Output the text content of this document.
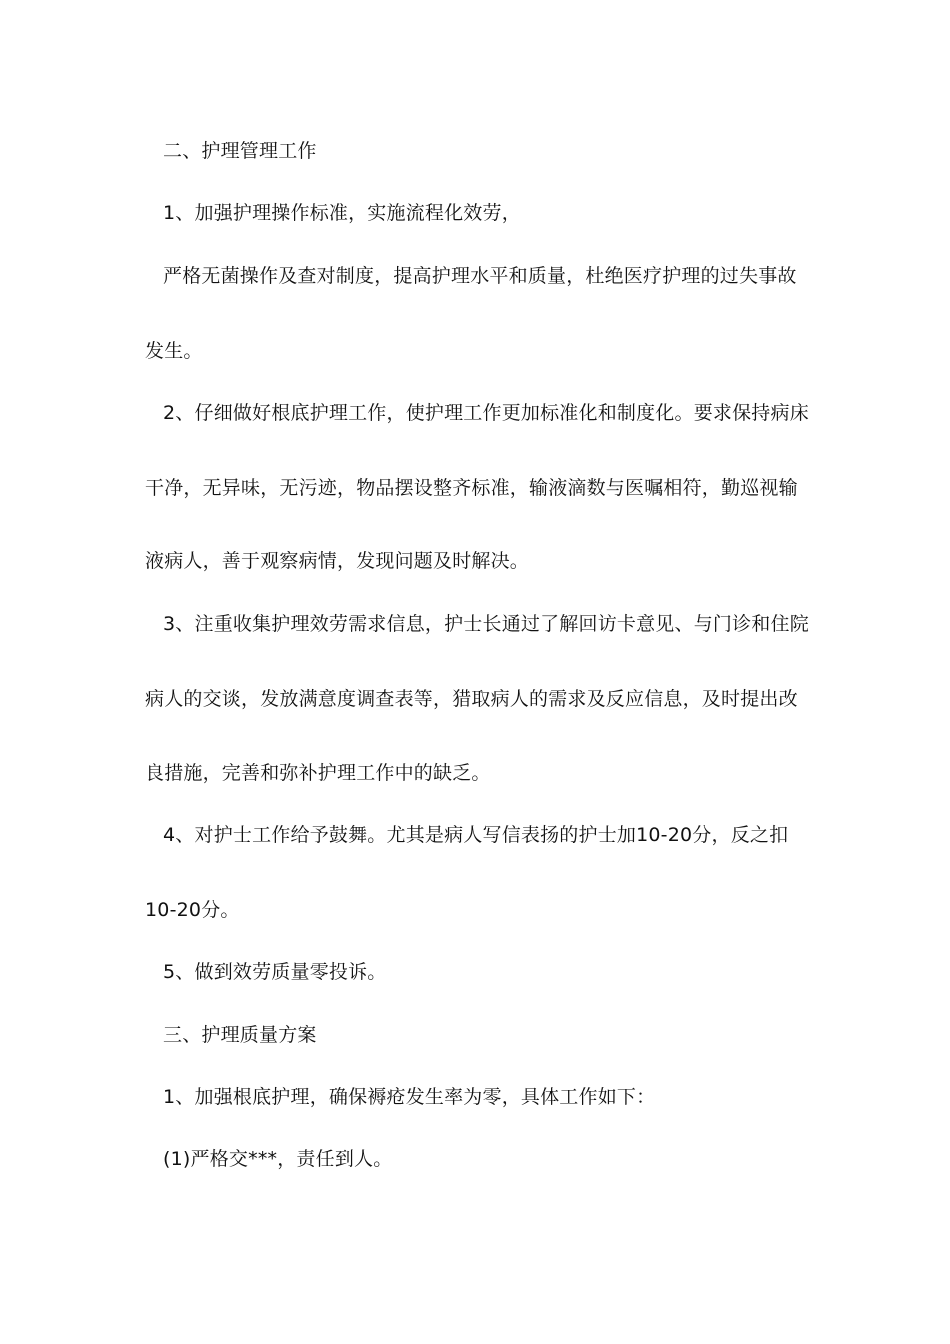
二、护理管理工作
1、加强护理操作标准，实施流程化效劳，
严格无菌操作及查对制度，提高护理水平和质量，杜绝医疗护理的过失事故
发生。
2、仔细做好根底护理工作，使护理工作更加标准化和制度化。要求保持病床
干净，无异味，无污迹，物品摆设整齐标准，输液滴数与医嘱相符，勤巡视输
液病人，善于观察病情，发现问题及时解决。
3、注重收集护理效劳需求信息，护士长通过了解回访卡意见、与门诊和住院
病人的交谈，发放满意度调查表等，猎取病人的需求及反应信息，及时提出改
良措施，完善和弥补护理工作中的缺乏。
4、对护士工作给予鼓舞。尤其是病人写信表扬的护士加10-20分，反之扣
10-20分。
5、做到效劳质量零投诉。
三、护理质量方案
1、加强根底护理，确保褥疮发生率为零，具体工作如下：
(1)严格交***，责任到人。
